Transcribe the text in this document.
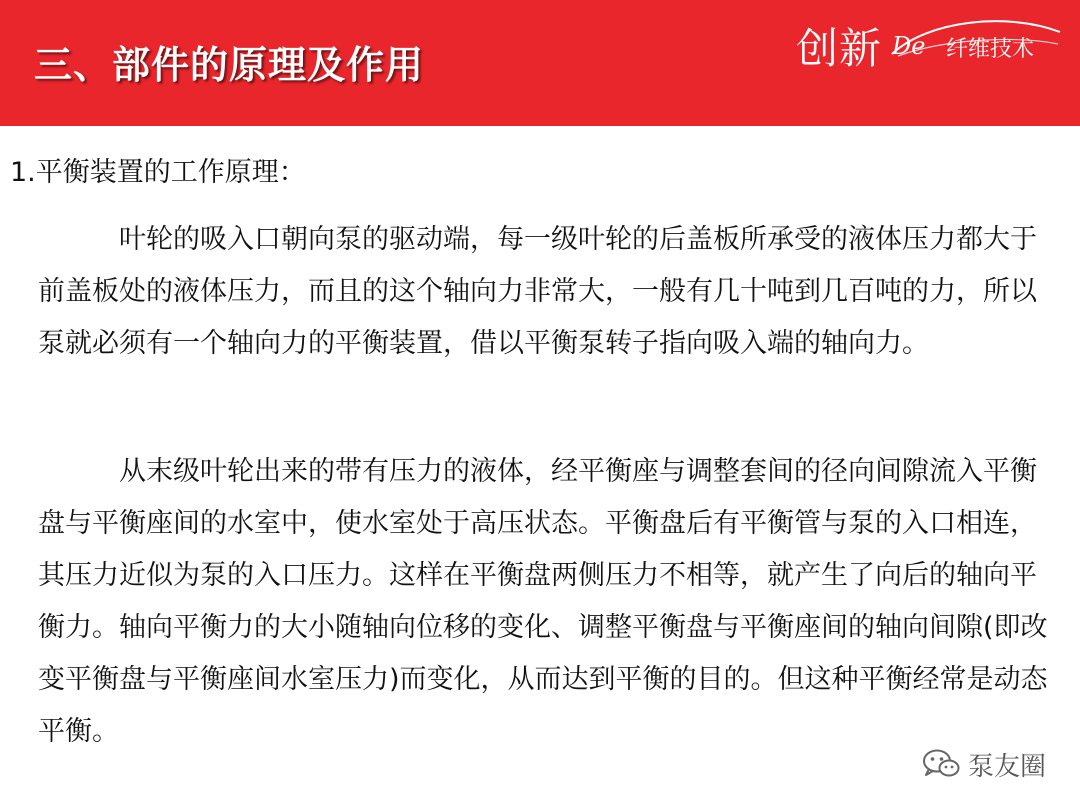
三、部件的原理及作用	创新 De 纤维技术
1.平衡装置的工作原理：

叶轮的吸入口朝向泵的驱动端，每一级叶轮的后盖板所承受的液体压力都大于前盖板处的液体压力，而且的这个轴向力非常大，一般有几十吨到几百吨的力，所以泵就必须有一个轴向力的平衡装置，借以平衡泵转子指向吸入端的轴向力。

从末级叶轮出来的带有压力的液体，经平衡座与调整套间的径向间隙流入平衡盘与平衡座间的水室中，使水室处于高压状态。平衡盘后有平衡管与泵的入口相连，其压力近似为泵的入口压力。这样在平衡盘两侧压力不相等，就产生了向后的轴向平衡力。轴向平衡力的大小随轴向位移的变化、调整平衡盘与平衡座间的轴向间隙(即改变平衡盘与平衡座间水室压力)而变化，从而达到平衡的目的。但这种平衡经常是动态平衡。

泵友圈
